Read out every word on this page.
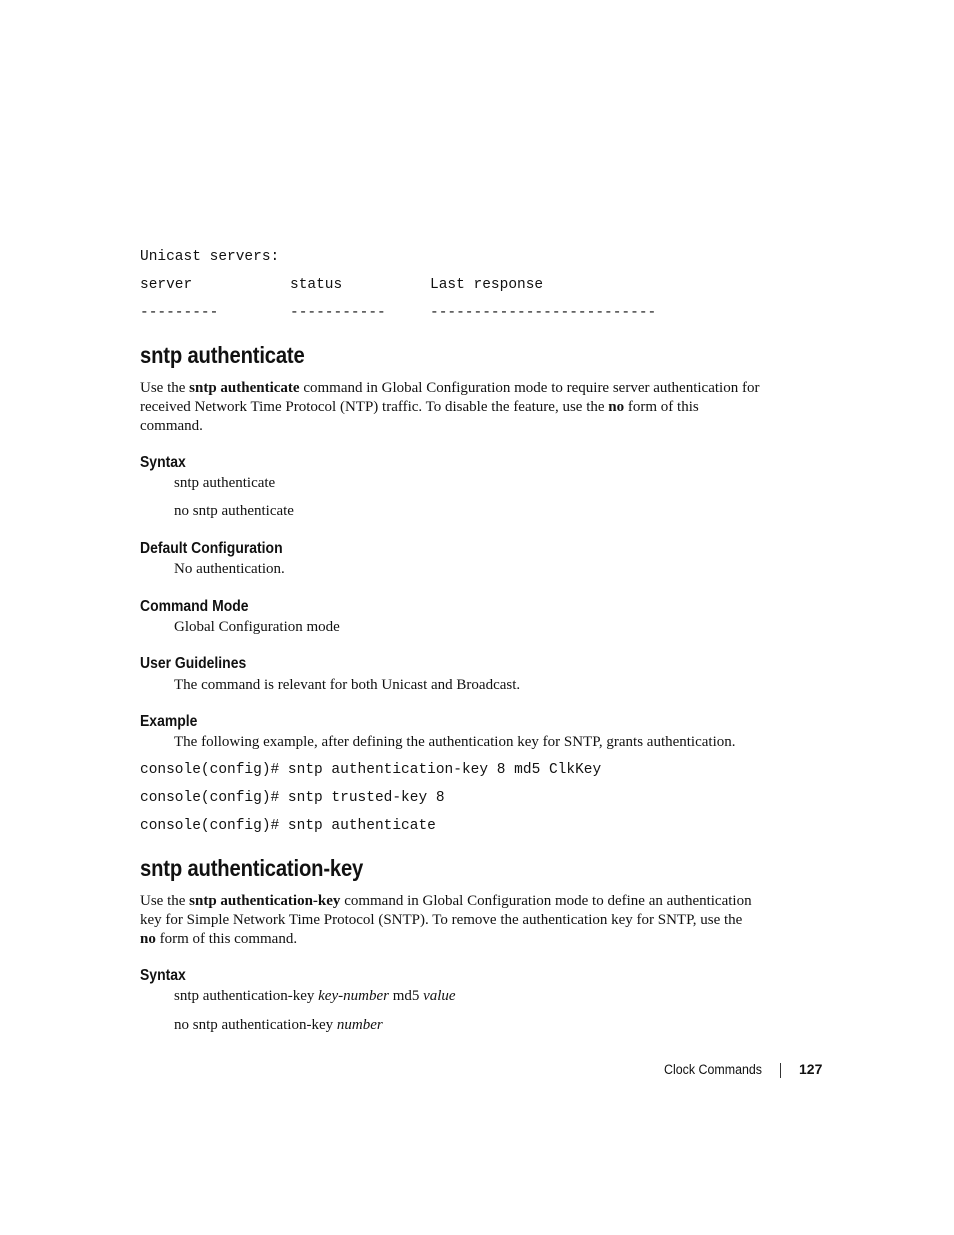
Unicast servers:
server	status	Last response
---------	-----------	--------------------------
sntp authenticate
Use the sntp authenticate command in Global Configuration mode to require server authentication for received Network Time Protocol (NTP) traffic. To disable the feature, use the no form of this command.
Syntax
sntp authenticate
no sntp authenticate
Default Configuration
No authentication.
Command Mode
Global Configuration mode
User Guidelines
The command is relevant for both Unicast and Broadcast.
Example
The following example, after defining the authentication key for SNTP, grants authentication.
console(config)# sntp authentication-key 8 md5 ClkKey
console(config)# sntp trusted-key 8
console(config)# sntp authenticate
sntp authentication-key
Use the sntp authentication-key command in Global Configuration mode to define an authentication key for Simple Network Time Protocol (SNTP). To remove the authentication key for SNTP, use the no form of this command.
Syntax
sntp authentication-key key-number md5 value
no sntp authentication-key number
Clock Commands	127
